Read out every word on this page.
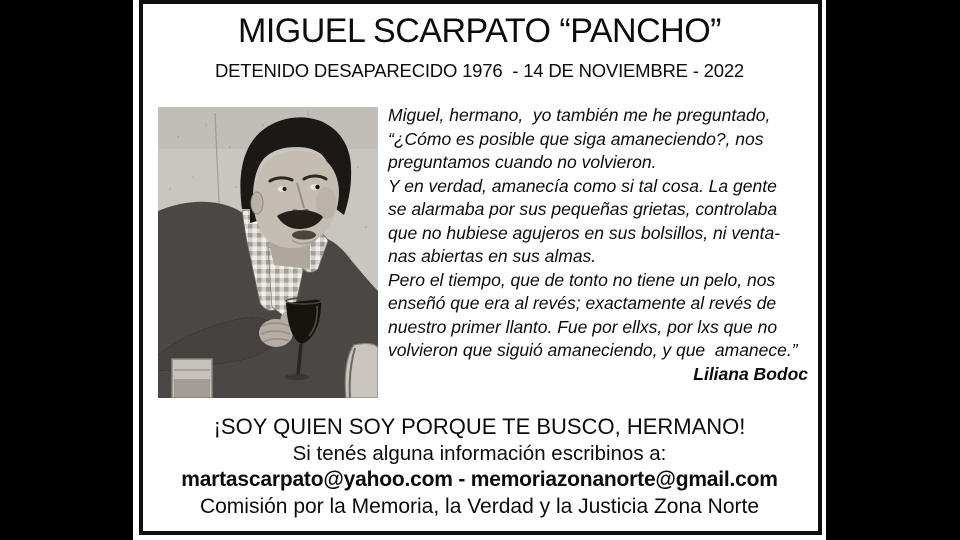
MIGUEL SCARPATO “PANCHO”
DETENIDO DESAPARECIDO 1976  - 14 DE NOVIEMBRE - 2022
Miguel, hermano,  yo también me he preguntado,
“¿Cómo es posible que siga amaneciendo?, nos
preguntamos cuando no volvieron.
Y en verdad, amanecía como si tal cosa. La gente
se alarmaba por sus pequeñas grietas, controlaba
que no hubiese agujeros en sus bolsillos, ni venta-
nas abiertas en sus almas.
Pero el tiempo, que de tonto no tiene un pelo, nos
enseñó que era al revés; exactamente al revés de
nuestro primer llanto. Fue por ellxs, por lxs que no
volvieron que siguió amaneciendo, y que  amanece.”
Liliana Bodoc
¡SOY QUIEN SOY PORQUE TE BUSCO, HERMANO!
Si tenés alguna información escribinos a:
martascarpato@yahoo.com - memoriazonanorte@gmail.com
Comisión por la Memoria, la Verdad y la Justicia Zona Norte
